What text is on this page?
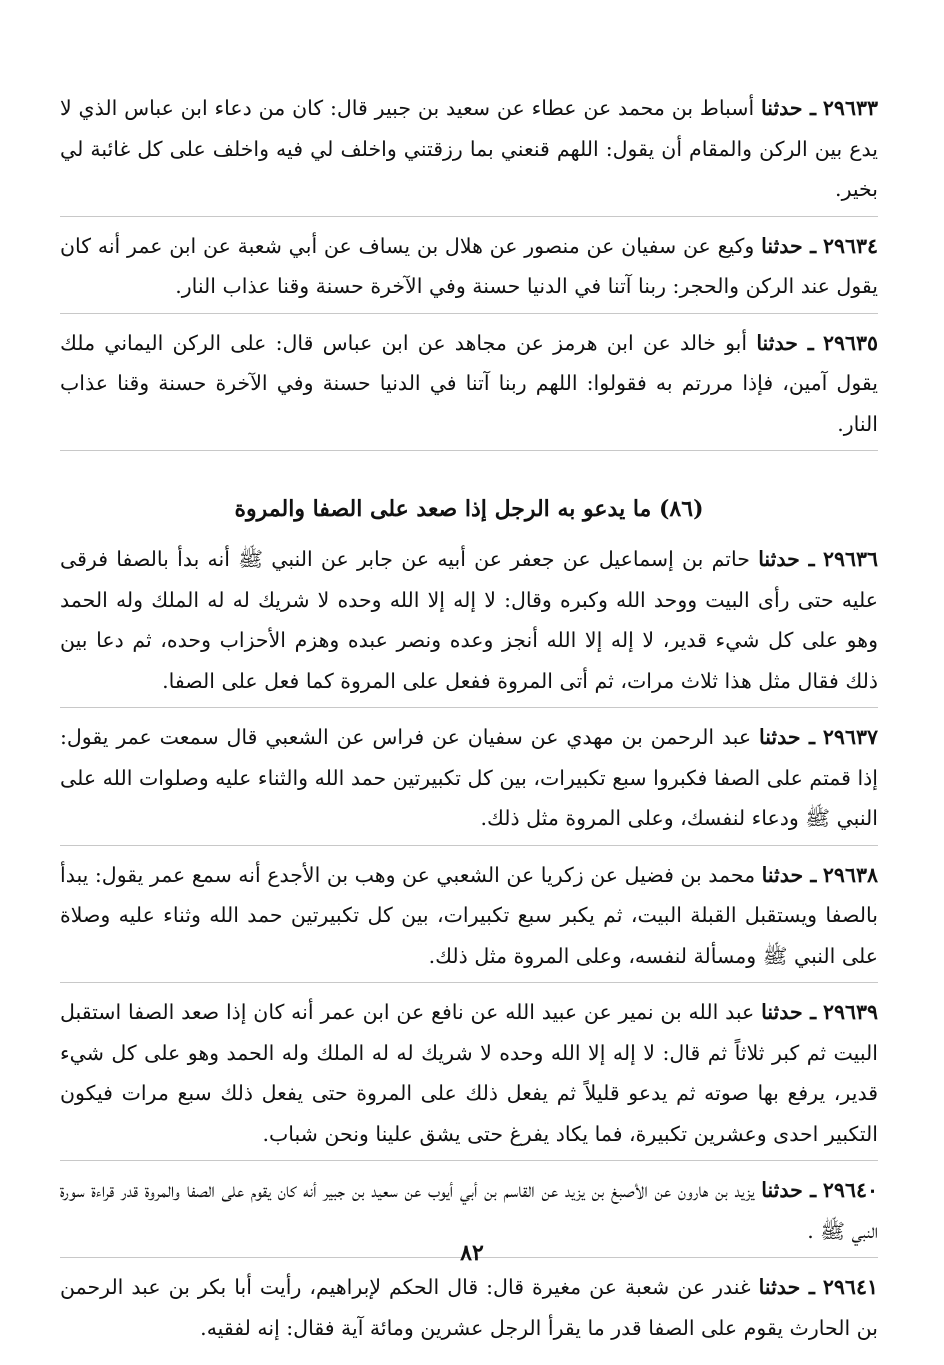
٢٩٦٣٣ ـ حدثنا أسباط بن محمد عن عطاء عن سعيد بن جبير قال: كان من دعاء ابن عباس الذي لا يدع بين الركن والمقام أن يقول: اللهم قنعني بما رزقتني واخلف لي فيه واخلف على كل غائبة لي بخير.

٢٩٦٣٤ ـ حدثنا وكيع عن سفيان عن منصور عن هلال بن يساف عن أبي شعبة عن ابن عمر أنه كان يقول عند الركن والحجر: ربنا آتنا في الدنيا حسنة وفي الآخرة حسنة وقنا عذاب النار.

٢٩٦٣٥ ـ حدثنا أبو خالد عن ابن هرمز عن مجاهد عن ابن عباس قال: على الركن اليماني ملك يقول آمين، فإذا مررتم به فقولوا: اللهم ربنا آتنا في الدنيا حسنة وفي الآخرة حسنة وقنا عذاب النار.

(٨٦) ما يدعو به الرجل إذا صعد على الصفا والمروة

٢٩٦٣٦ ـ حدثنا حاتم بن إسماعيل عن جعفر عن أبيه عن جابر عن النبي ﷺ أنه بدأ بالصفا فرقى عليه حتى رأى البيت ووحد الله وكبره وقال: لا إله إلا الله وحده لا شريك له له الملك وله الحمد وهو على كل شيء قدير، لا إله إلا الله أنجز وعده ونصر عبده وهزم الأحزاب وحده، ثم دعا بين ذلك فقال مثل هذا ثلاث مرات، ثم أتى المروة ففعل على المروة كما فعل على الصفا.

٢٩٦٣٧ ـ حدثنا عبد الرحمن بن مهدي عن سفيان عن فراس عن الشعبي قال سمعت عمر يقول: إذا قمتم على الصفا فكبروا سبع تكبيرات، بين كل تكبيرتين حمد الله والثناء عليه وصلوات الله على النبي ﷺ ودعاء لنفسك، وعلى المروة مثل ذلك.

٢٩٦٣٨ ـ حدثنا محمد بن فضيل عن زكريا عن الشعبي عن وهب بن الأجدع أنه سمع عمر يقول: يبدأ بالصفا ويستقبل القبلة البيت، ثم يكبر سبع تكبيرات، بين كل تكبيرتين حمد الله وثناء عليه وصلاة على النبي ﷺ ومسألة لنفسه، وعلى المروة مثل ذلك.

٢٩٦٣٩ ـ حدثنا عبد الله بن نمير عن عبيد الله عن نافع عن ابن عمر أنه كان إذا صعد الصفا استقبل البيت ثم كبر ثلاثاً ثم قال: لا إله إلا الله وحده لا شريك له له الملك وله الحمد وهو على كل شيء قدير، يرفع بها صوته ثم يدعو قليلاً ثم يفعل ذلك على المروة حتى يفعل ذلك سبع مرات فيكون التكبير احدى وعشرين تكبيرة، فما يكاد يفرغ حتى يشق علينا ونحن شباب.

٢٩٦٤٠ ـ حدثنا يزيد بن هارون عن الأصبغ بن يزيد عن القاسم بن أبي أيوب عن سعيد بن جبير أنه كان يقوم على الصفا والمروة قدر قراءة سورة النبي ﷺ .

٢٩٦٤١ ـ حدثنا غندر عن شعبة عن مغيرة قال: قال الحكم لإبراهيم، رأيت أبا بكر بن عبد الرحمن بن الحارث يقوم على الصفا قدر ما يقرأ الرجل عشرين ومائة آية فقال: إنه لفقيه.

٨٢
